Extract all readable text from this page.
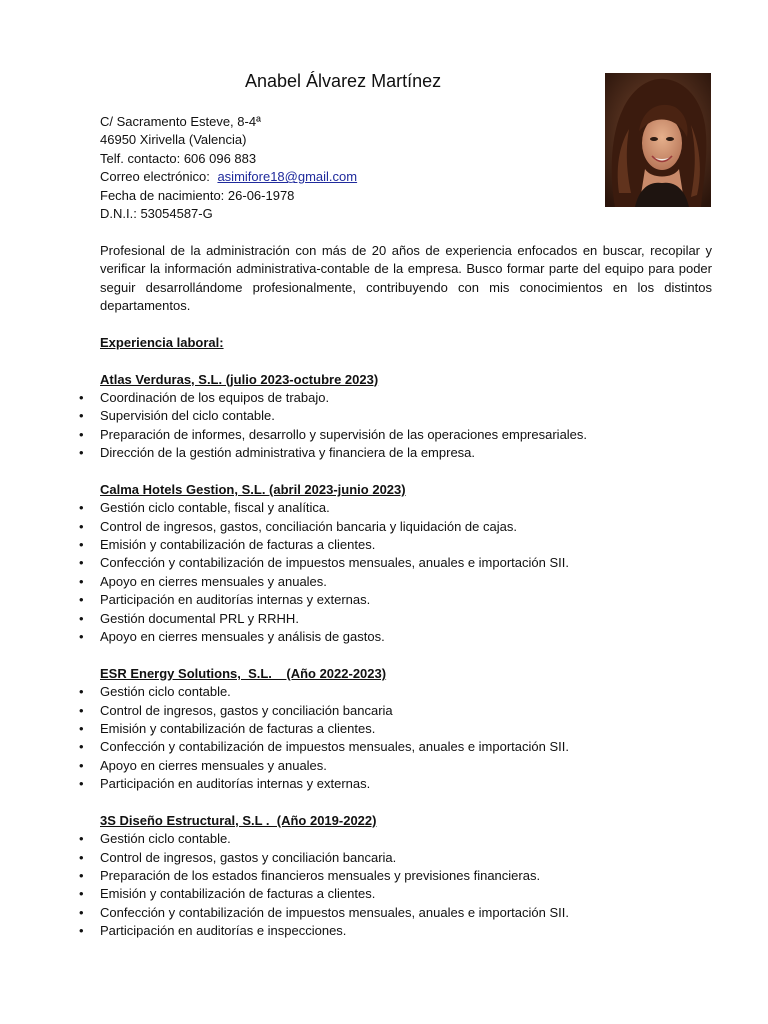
Anabel Álvarez Martínez
C/ Sacramento Esteve, 8-4ª
46950 Xirivella (Valencia)
Telf. contacto: 606 096 883
Correo electrónico: asimifore18@gmail.com
Fecha de nacimiento: 26-06-1978
D.N.I.: 53054587-G
Profesional de la administración con más de 20 años de experiencia enfocados en buscar, recopilar y verificar la información administrativa-contable de la empresa. Busco formar parte del equipo para poder seguir desarrollándome profesionalmente, contribuyendo con mis conocimientos en los distintos departamentos.
Experiencia laboral:
Atlas Verduras, S.L. (julio 2023-octubre 2023)
• Coordinación de los equipos de trabajo.
• Supervisión del ciclo contable.
• Preparación de informes, desarrollo y supervisión de las operaciones empresariales.
• Dirección de la gestión administrativa y financiera de la empresa.
Calma Hotels Gestion, S.L. (abril 2023-junio 2023)
• Gestión ciclo contable, fiscal y analítica.
• Control de ingresos, gastos, conciliación bancaria y liquidación de cajas.
• Emisión y contabilización de facturas a clientes.
• Confección y contabilización de impuestos mensuales, anuales e importación SII.
• Apoyo en cierres mensuales y anuales.
• Participación en auditorías internas y externas.
• Gestión documental PRL y RRHH.
• Apoyo en cierres mensuales y análisis de gastos.
ESR Energy Solutions,  S.L.    (Año 2022-2023)
• Gestión ciclo contable.
• Control de ingresos, gastos y conciliación bancaria
• Emisión y contabilización de facturas a clientes.
• Confección y contabilización de impuestos mensuales, anuales e importación SII.
• Apoyo en cierres mensuales y anuales.
• Participación en auditorías internas y externas.
3S Diseño Estructural, S.L .  (Año 2019-2022)
• Gestión ciclo contable.
• Control de ingresos, gastos y conciliación bancaria.
• Preparación de los estados financieros mensuales y previsiones financieras.
• Emisión y contabilización de facturas a clientes.
• Confección y contabilización de impuestos mensuales, anuales e importación SII.
• Participación en auditorías e inspecciones.
